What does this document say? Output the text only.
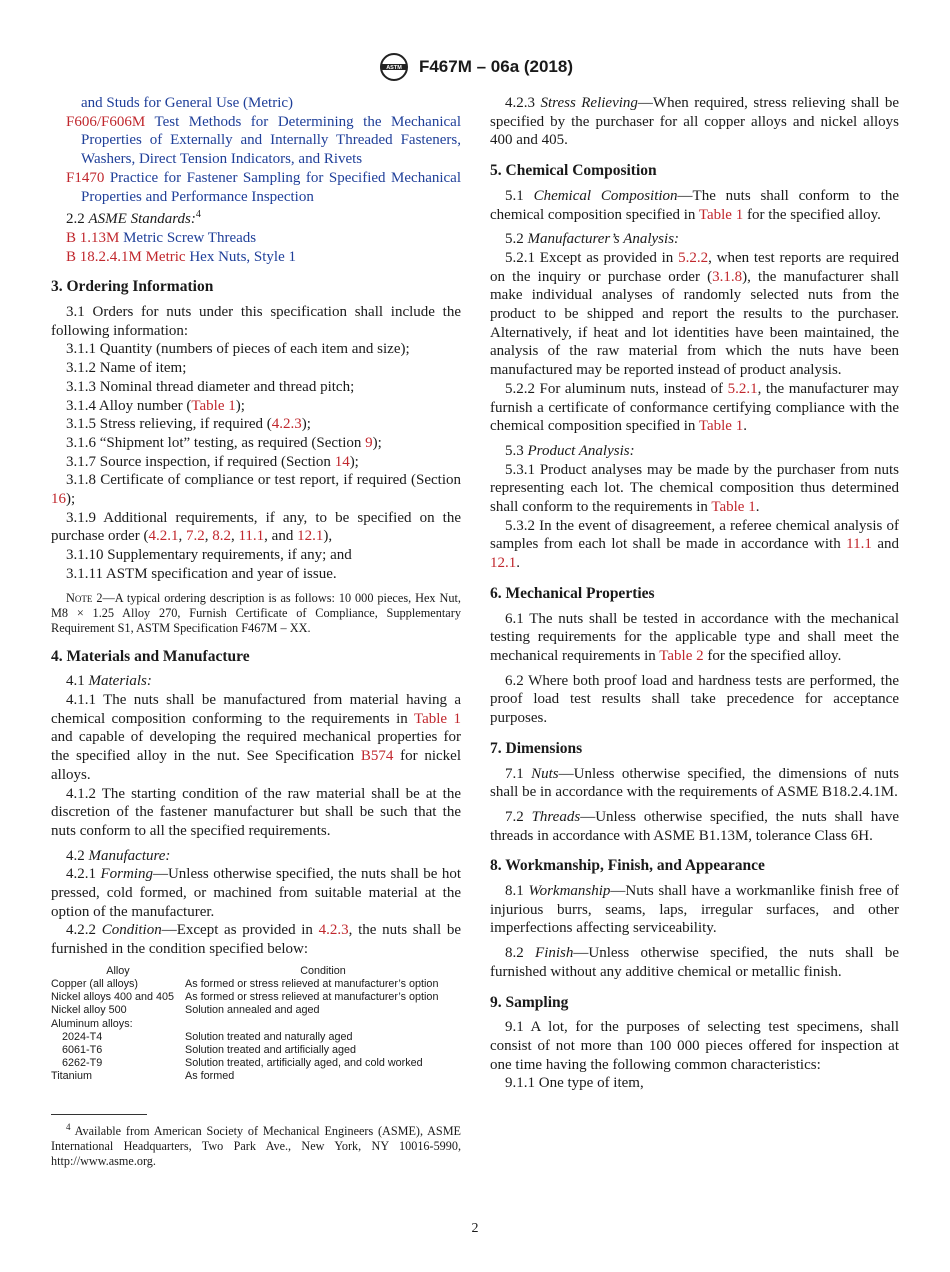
ASTM F467M – 06a (2018)
and Studs for General Use (Metric)
F606/F606M Test Methods for Determining the Mechanical Properties of Externally and Internally Threaded Fasteners, Washers, Direct Tension Indicators, and Rivets
F1470 Practice for Fastener Sampling for Specified Mechanical Properties and Performance Inspection
2.2 ASME Standards:$^4$
B 1.13M Metric Screw Threads
B 18.2.4.1M Metric Hex Nuts, Style 1
3. Ordering Information
3.1 Orders for nuts under this specification shall include the following information:
3.1.1 Quantity (numbers of pieces of each item and size);
3.1.2 Name of item;
3.1.3 Nominal thread diameter and thread pitch;
3.1.4 Alloy number (Table 1);
3.1.5 Stress relieving, if required (4.2.3);
3.1.6 “Shipment lot” testing, as required (Section 9);
3.1.7 Source inspection, if required (Section 14);
3.1.8 Certificate of compliance or test report, if required (Section 16);
3.1.9 Additional requirements, if any, to be specified on the purchase order (4.2.1, 7.2, 8.2, 11.1, and 12.1),
3.1.10 Supplementary requirements, if any; and
3.1.11 ASTM specification and year of issue.
Note 2—A typical ordering description is as follows: 10 000 pieces, Hex Nut, M8 × 1.25 Alloy 270, Furnish Certificate of Compliance, Supplementary Requirement S1, ASTM Specification F467M – XX.
4. Materials and Manufacture
4.1 Materials:
4.1.1 The nuts shall be manufactured from material having a chemical composition conforming to the requirements in Table 1 and capable of developing the required mechanical properties for the specified alloy in the nut. See Specification B574 for nickel alloys.
4.1.2 The starting condition of the raw material shall be at the discretion of the fastener manufacturer but shall be such that the nuts conform to all the specified requirements.
4.2 Manufacture:
4.2.1 Forming—Unless otherwise specified, the nuts shall be hot pressed, cold formed, or machined from suitable material at the option of the manufacturer.
4.2.2 Condition—Except as provided in 4.2.3, the nuts shall be furnished in the condition specified below:
Alloy	Condition
Copper (all alloys)	As formed or stress relieved at manufacturer’s option
Nickel alloys 400 and 405	As formed or stress relieved at manufacturer’s option
Nickel alloy 500	Solution annealed and aged
Aluminum alloys:	
2024-T4	Solution treated and naturally aged
6061-T6	Solution treated and artificially aged
6262-T9	Solution treated, artificially aged, and cold worked
Titanium	As formed
$^4$ Available from American Society of Mechanical Engineers (ASME), ASME International Headquarters, Two Park Ave., New York, NY 10016-5990, http://www.asme.org.
4.2.3 Stress Relieving—When required, stress relieving shall be specified by the purchaser for all copper alloys and nickel alloys 400 and 405.
5. Chemical Composition
5.1 Chemical Composition—The nuts shall conform to the chemical composition specified in Table 1 for the specified alloy.
5.2 Manufacturer’s Analysis:
5.2.1 Except as provided in 5.2.2, when test reports are required on the inquiry or purchase order (3.1.8), the manufacturer shall make individual analyses of randomly selected nuts from the product to be shipped and report the results to the purchaser. Alternatively, if heat and lot identities have been maintained, the analysis of the raw material from which the nuts have been manufactured may be reported instead of product analysis.
5.2.2 For aluminum nuts, instead of 5.2.1, the manufacturer may furnish a certificate of conformance certifying compliance with the chemical composition specified in Table 1.
5.3 Product Analysis:
5.3.1 Product analyses may be made by the purchaser from nuts representing each lot. The chemical composition thus determined shall conform to the requirements in Table 1.
5.3.2 In the event of disagreement, a referee chemical analysis of samples from each lot shall be made in accordance with 11.1 and 12.1.
6. Mechanical Properties
6.1 The nuts shall be tested in accordance with the mechanical testing requirements for the applicable type and shall meet the mechanical requirements in Table 2 for the specified alloy.
6.2 Where both proof load and hardness tests are performed, the proof load test results shall take precedence for acceptance purposes.
7. Dimensions
7.1 Nuts—Unless otherwise specified, the dimensions of nuts shall be in accordance with the requirements of ASME B18.2.4.1M.
7.2 Threads—Unless otherwise specified, the nuts shall have threads in accordance with ASME B1.13M, tolerance Class 6H.
8. Workmanship, Finish, and Appearance
8.1 Workmanship—Nuts shall have a workmanlike finish free of injurious burrs, seams, laps, irregular surfaces, and other imperfections affecting serviceability.
8.2 Finish—Unless otherwise specified, the nuts shall be furnished without any additive chemical or metallic finish.
9. Sampling
9.1 A lot, for the purposes of selecting test specimens, shall consist of not more than 100 000 pieces offered for inspection at one time having the following common characteristics:
9.1.1 One type of item,
2
